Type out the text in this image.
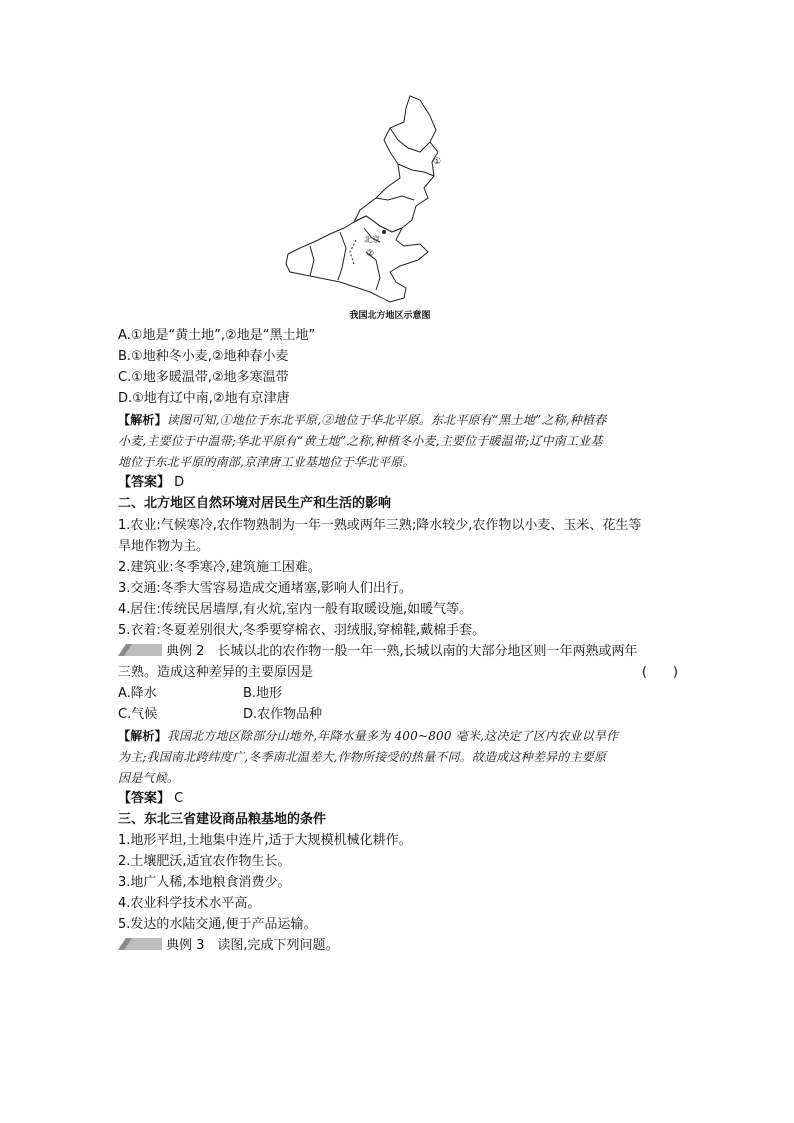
①
北京
②
我国北方地区示意图
A.①地是“黄土地”,②地是“黑土地”
B.①地种冬小麦,②地种春小麦
C.①地多暖温带,②地多寒温带
D.①地有辽中南,②地有京津唐
【解析】读图可知,①地位于东北平原,②地位于华北平原。东北平原有“黑土地”之称,种植春
小麦,主要位于中温带;华北平原有“黄土地”之称,种植冬小麦,主要位于暖温带;辽中南工业基
地位于东北平原的南部,京津唐工业基地位于华北平原。
【答案】 D
二、北方地区自然环境对居民生产和生活的影响
1.农业:气候寒冷,农作物熟制为一年一熟或两年三熟;降水较少,农作物以小麦、玉米、花生等
旱地作物为主。
2.建筑业:冬季寒冷,建筑施工困难。
3.交通:冬季大雪容易造成交通堵塞,影响人们出行。
4.居住:传统民居墙厚,有火炕,室内一般有取暖设施,如暖气等。
5.衣着:冬夏差别很大,冬季要穿棉衣、羽绒服,穿棉鞋,戴棉手套。
典例 2　 长城以北的农作物一般一年一熟,长城以南的大部分地区则一年两熟或两年
三熟。造成这种差异的主要原因是	(　　)
A.降水	B.地形
C.气候	D.农作物品种
【解析】我国北方地区除部分山地外,年降水量多为 400~800 毫米,这决定了区内农业以旱作
为主;我国南北跨纬度广,冬季南北温差大,作物所接受的热量不同。故造成这种差异的主要原
因是气候。
【答案】 C
三、东北三省建设商品粮基地的条件
1.地形平坦,土地集中连片,适于大规模机械化耕作。
2.土壤肥沃,适宜农作物生长。
3.地广人稀,本地粮食消费少。
4.农业科学技术水平高。
5.发达的水陆交通,便于产品运输。
典例 3　 读图,完成下列问题。
